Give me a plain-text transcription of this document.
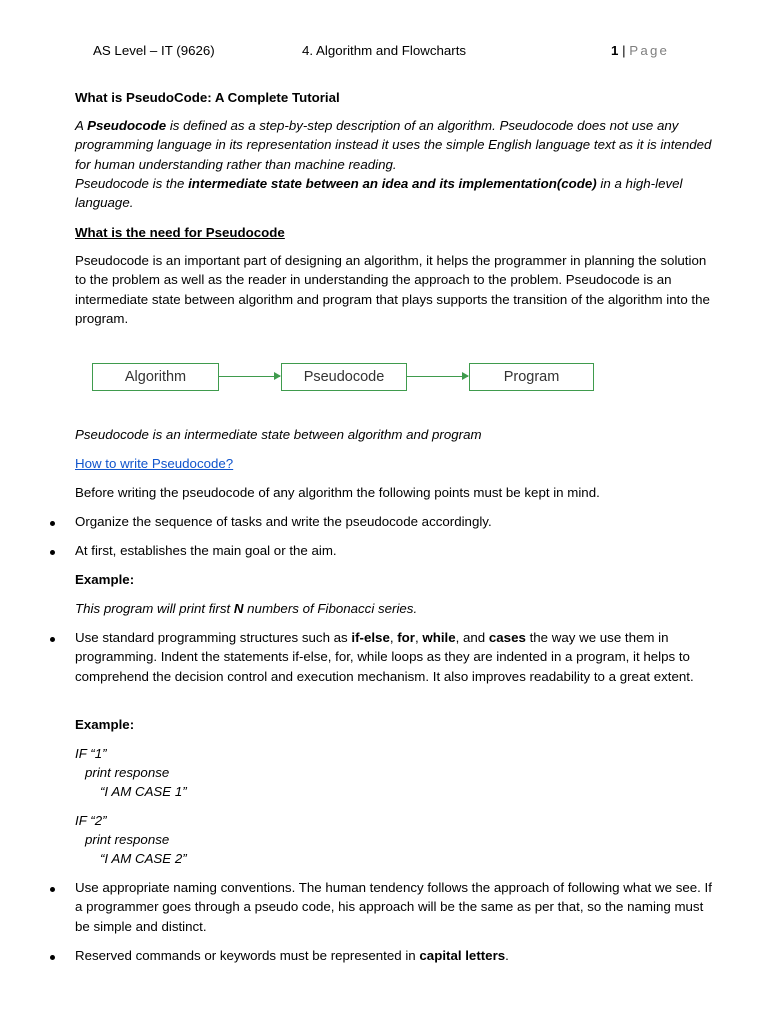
AS Level – IT (9626)	4. Algorithm and Flowcharts	1 | Page
What is PseudoCode: A Complete Tutorial
A Pseudocode is defined as a step-by-step description of an algorithm. Pseudocode does not use any programming language in its representation instead it uses the simple English language text as it is intended for human understanding rather than machine reading.
Pseudocode is the intermediate state between an idea and its implementation(code) in a high-level language.
What is the need for Pseudocode
Pseudocode is an important part of designing an algorithm, it helps the programmer in planning the solution to the problem as well as the reader in understanding the approach to the problem. Pseudocode is an intermediate state between algorithm and program that plays supports the transition of the algorithm into the program.
Algorithm	Pseudocode	Program
Pseudocode is an intermediate state between algorithm and program
How to write Pseudocode?
Before writing the pseudocode of any algorithm the following points must be kept in mind.
Organize the sequence of tasks and write the pseudocode accordingly.
At first, establishes the main goal or the aim.
Example:
This program will print first N numbers of Fibonacci series.
Use standard programming structures such as if-else, for, while, and cases the way we use them in programming. Indent the statements if-else, for, while loops as they are indented in a program, it helps to comprehend the decision control and execution mechanism. It also improves readability to a great extent.
Example:
IF “1”
print response
“I AM CASE 1”
IF “2”
print response
“I AM CASE 2”
Use appropriate naming conventions. The human tendency follows the approach of following what we see. If a programmer goes through a pseudo code, his approach will be the same as per that, so the naming must be simple and distinct.
Reserved commands or keywords must be represented in capital letters.
